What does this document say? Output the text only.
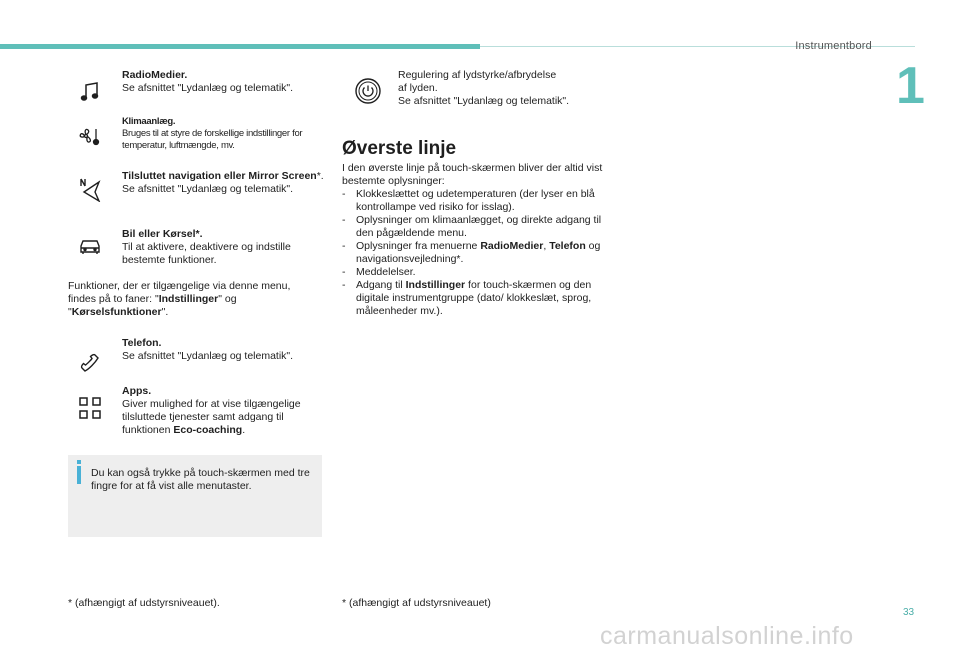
Instrumentbord
1
RadioMedier.
Se afsnittet "Lydanlæg og telematik".
Klimaanlæg.
Bruges til at styre de forskellige indstillinger for temperatur, luftmængde, mv.
Tilsluttet navigation eller Mirror Screen*.
Se afsnittet "Lydanlæg og telematik".
Bil eller Kørsel*.
Til at aktivere, deaktivere og indstille bestemte funktioner.
Funktioner, der er tilgængelige via denne menu, findes på to faner: "Indstillinger" og "Kørselsfunktioner".
Telefon.
Se afsnittet "Lydanlæg og telematik".
Apps.
Giver mulighed for at vise tilgængelige tilsluttede tjenester samt adgang til funktionen Eco-coaching.
Du kan også trykke på touch-skærmen med tre fingre for at få vist alle menutaster.
* (afhængigt af udstyrsniveauet).
Regulering af lydstyrke/afbrydelse
af lyden.
Se afsnittet "Lydanlæg og telematik".
Øverste linje
I den øverste linje på touch-skærmen bliver der altid vist bestemte oplysninger:
- Klokkeslættet og udetemperaturen (der lyser en blå kontrollampe ved risiko for isslag).
- Oplysninger om klimaanlægget, og direkte adgang til den pågældende menu.
- Oplysninger fra menuerne RadioMedier, Telefon og navigationsvejledning*.
- Meddelelser.
- Adgang til Indstillinger for touch-skærmen og den digitale instrumentgruppe (dato/ klokkeslæt, sprog, måleenheder mv.).
* (afhængigt af udstyrsniveauet)
33
carmanualsonline.info
